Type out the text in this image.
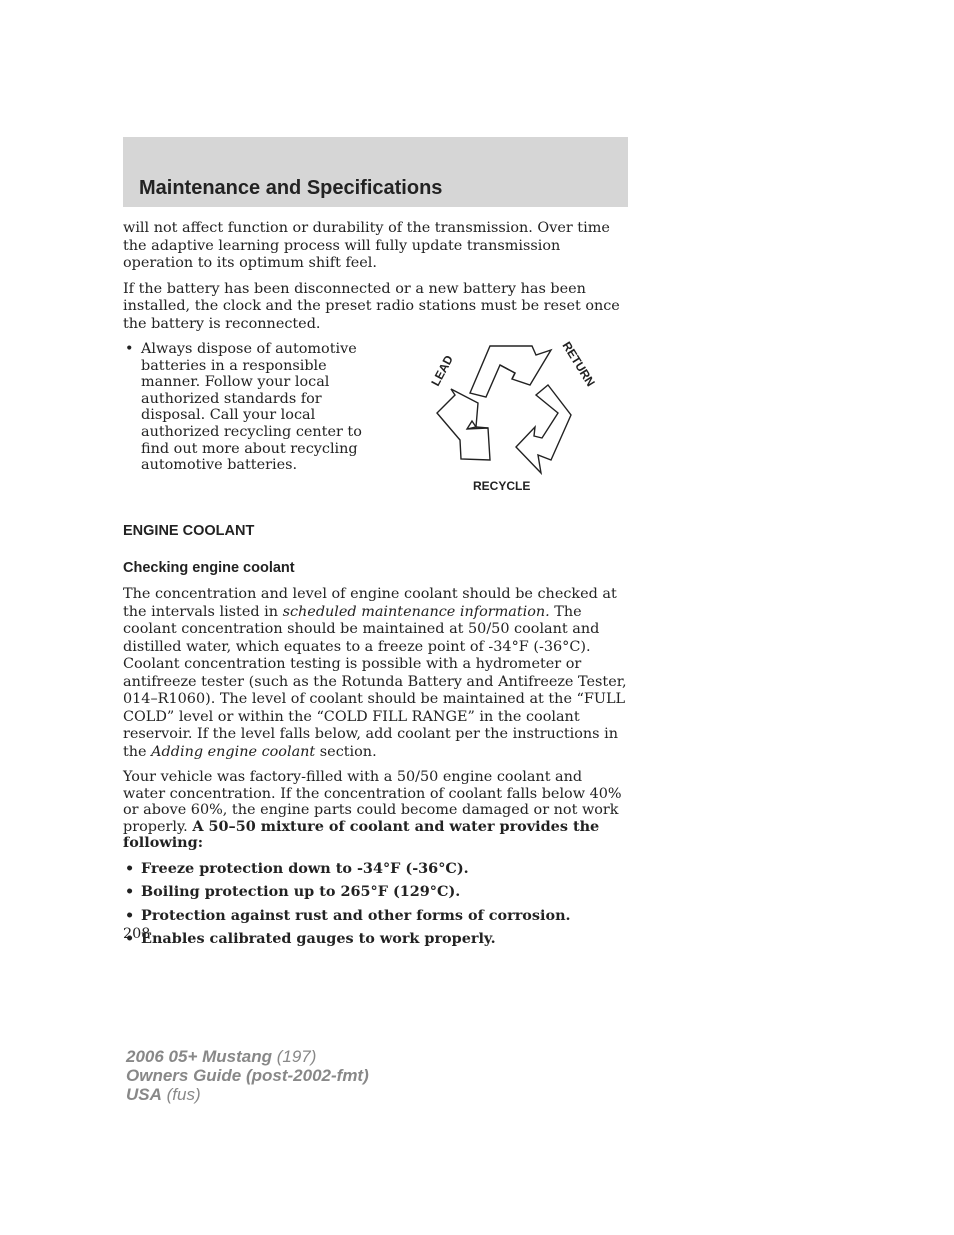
Maintenance and Specifications

will not affect function or durability of the transmission. Over time the adaptive learning process will fully update transmission operation to its optimum shift feel.

If the battery has been disconnected or a new battery has been installed, the clock and the preset radio stations must be reset once the battery is reconnected.

• Always dispose of automotive batteries in a responsible manner. Follow your local authorized standards for disposal. Call your local authorized recycling center to find out more about recycling automotive batteries.
LEAD	RETURN
RECYCLE
ENGINE COOLANT
Checking engine coolant

The concentration and level of engine coolant should be checked at the intervals listed in scheduled maintenance information. The coolant concentration should be maintained at 50/50 coolant and distilled water, which equates to a freeze point of -34°F (-36°C). Coolant concentration testing is possible with a hydrometer or antifreeze tester (such as the Rotunda Battery and Antifreeze Tester, 014–R1060). The level of coolant should be maintained at the “FULL COLD” level or within the “COLD FILL RANGE” in the coolant reservoir. If the level falls below, add coolant per the instructions in the Adding engine coolant section.

Your vehicle was factory-filled with a 50/50 engine coolant and water concentration. If the concentration of coolant falls below 40% or above 60%, the engine parts could become damaged or not work properly. A 50–50 mixture of coolant and water provides the following:

• Freeze protection down to -34°F (-36°C).
• Boiling protection up to 265°F (129°C).
• Protection against rust and other forms of corrosion.
• Enables calibrated gauges to work properly.
208
2006 05+ Mustang (197)
Owners Guide (post-2002-fmt)
USA (fus)
